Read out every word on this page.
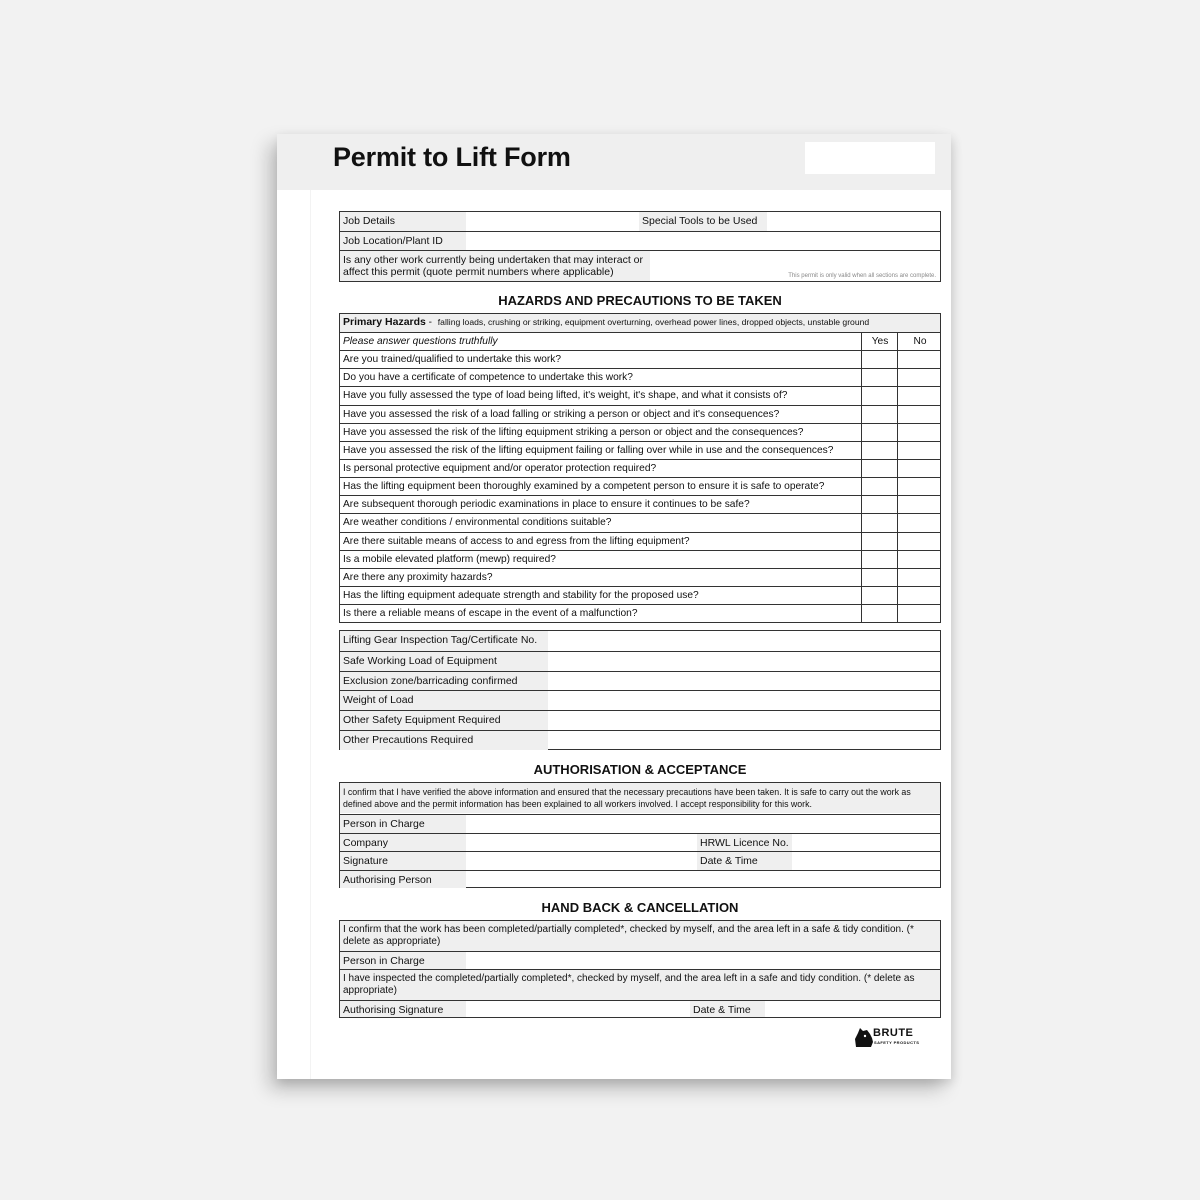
Permit to Lift Form
Job Details	Special Tools to be Used
Job Location/Plant ID
Is any other work currently being undertaken that may interact or affect this permit (quote permit numbers where applicable)	This permit is only valid when all sections are complete.
HAZARDS AND PRECAUTIONS TO BE TAKEN
Primary Hazards - falling loads, crushing or striking, equipment overturning, overhead power lines, dropped objects, unstable ground
Please answer questions truthfully	Yes	No
Are you trained/qualified to undertake this work?
Do you have a certificate of competence to undertake this work?
Have you fully assessed the type of load being lifted, it's weight, it's shape, and what it consists of?
Have you assessed the risk of a load falling or striking a person or object and it's consequences?
Have you assessed the risk of the lifting equipment striking a person or object and the consequences?
Have you assessed the risk of the lifting equipment failing or falling over while in use and the consequences?
Is personal protective equipment and/or operator protection required?
Has the lifting equipment been thoroughly examined by a competent person to ensure it is safe to operate?
Are subsequent thorough periodic examinations in place to ensure it continues to be safe?
Are weather conditions / environmental conditions suitable?
Are there suitable means of access to and egress from the lifting equipment?
Is a mobile elevated platform (mewp) required?
Are there any proximity hazards?
Has the lifting equipment adequate strength and stability for the proposed use?
Is there a reliable means of escape in the event of a malfunction?
Lifting Gear Inspection Tag/Certificate No.
Safe Working Load of Equipment
Exclusion zone/barricading confirmed
Weight of Load
Other Safety Equipment Required
Other Precautions Required
AUTHORISATION & ACCEPTANCE
I confirm that I have verified the above information and ensured that the necessary precautions have been taken. It is safe to carry out the work as defined above and the permit information has been explained to all workers involved. I accept responsibility for this work.
Person in Charge
Company	HRWL Licence No.
Signature	Date & Time
Authorising Person
HAND BACK & CANCELLATION
I confirm that the work has been completed/partially completed*, checked by myself, and the area left in a safe & tidy condition. (* delete as appropriate)
Person in Charge
I have inspected the completed/partially completed*, checked by myself, and the area left in a safe and tidy condition. (* delete as appropriate)
Authorising Signature	Date & Time
BRUTE
SAFETY PRODUCTS
